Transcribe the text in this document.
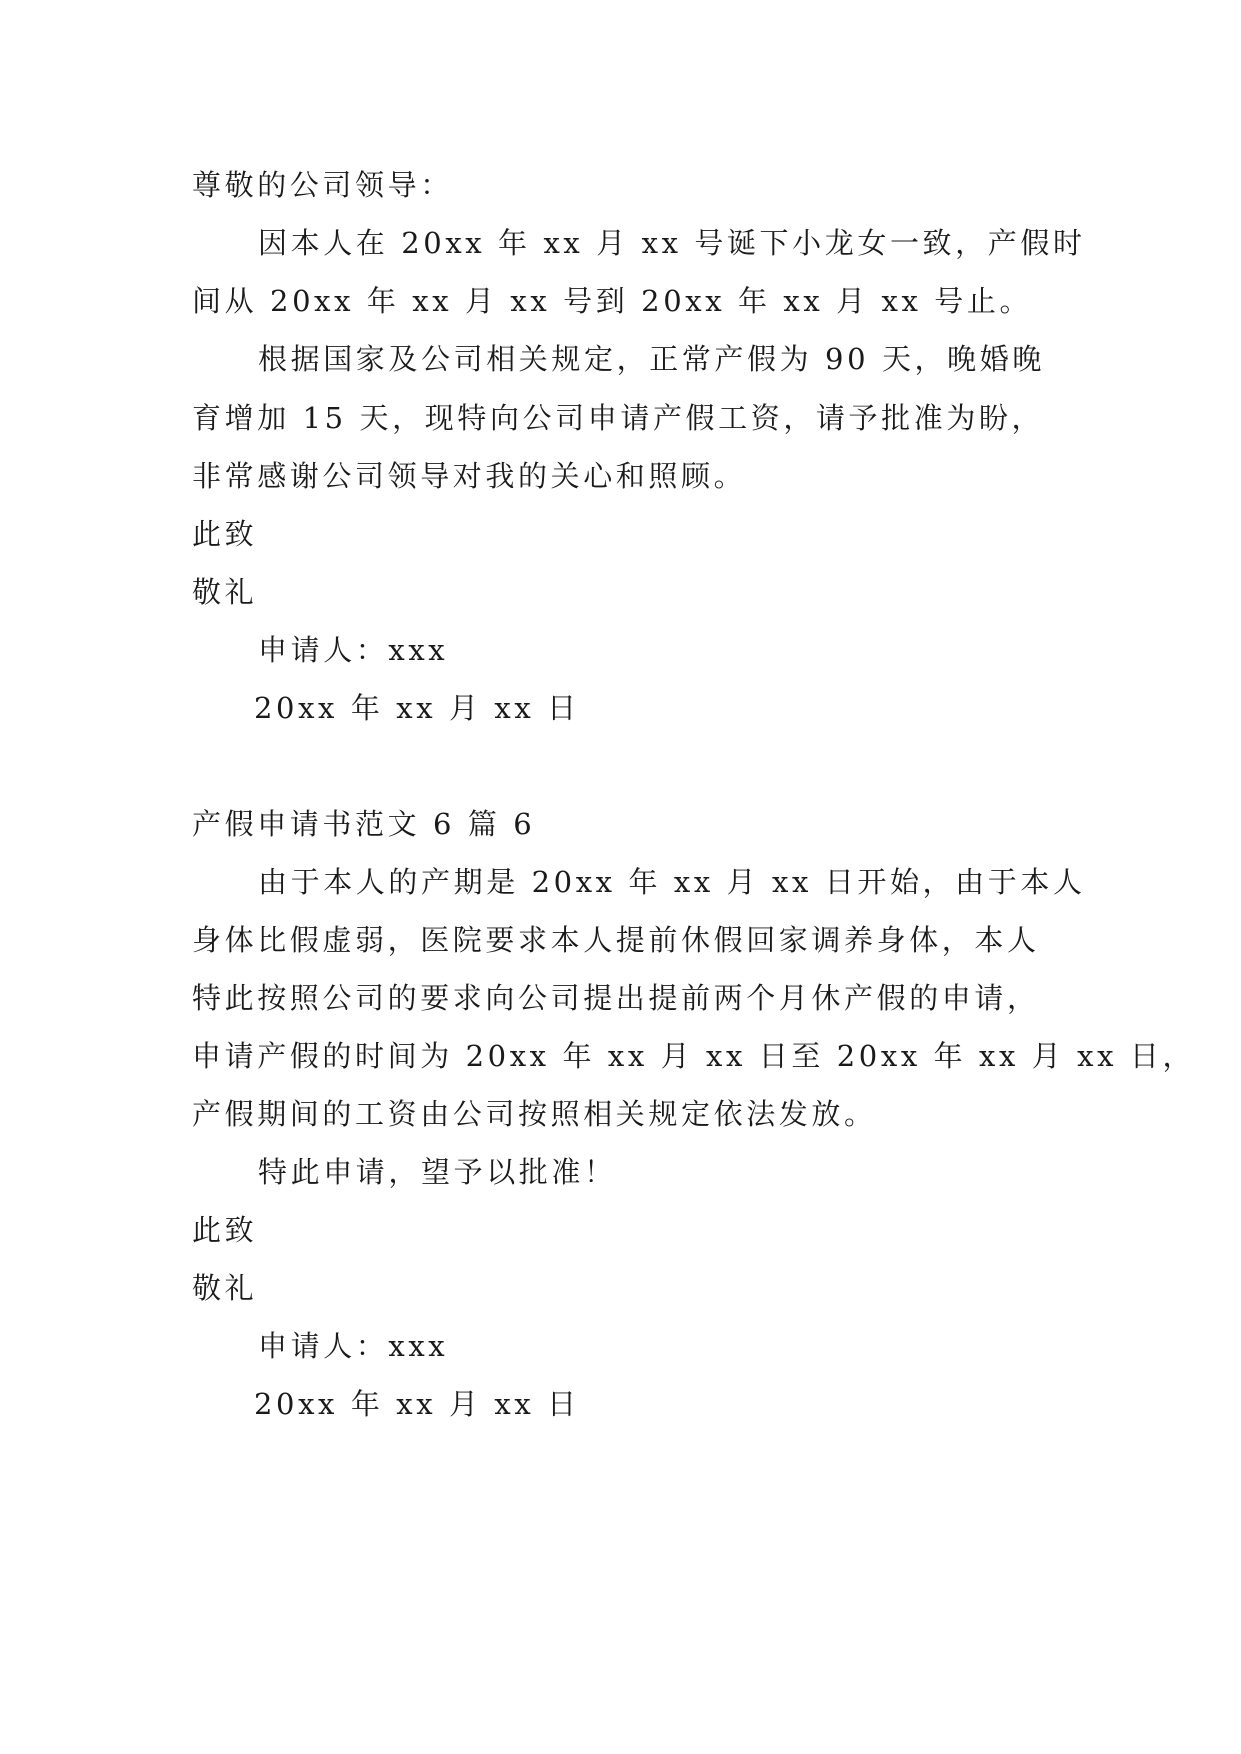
尊敬的公司领导：
因本人在 20xx 年 xx 月 xx 号诞下小龙女一致，产假时
间从 20xx 年 xx 月 xx 号到 20xx 年 xx 月 xx 号止。
根据国家及公司相关规定，正常产假为 90 天，晚婚晚
育增加 15 天，现特向公司申请产假工资，请予批准为盼，
非常感谢公司领导对我的关心和照顾。
此致
敬礼
申请人：xxx
20xx 年 xx 月 xx 日
产假申请书范文 6 篇 6
由于本人的产期是 20xx 年 xx 月 xx 日开始，由于本人
身体比假虚弱，医院要求本人提前休假回家调养身体，本人
特此按照公司的要求向公司提出提前两个月休产假的申请，
申请产假的时间为 20xx 年 xx 月 xx 日至 20xx 年 xx 月 xx 日，
产假期间的工资由公司按照相关规定依法发放。
特此申请，望予以批准！
此致
敬礼
申请人：xxx
20xx 年 xx 月 xx 日
